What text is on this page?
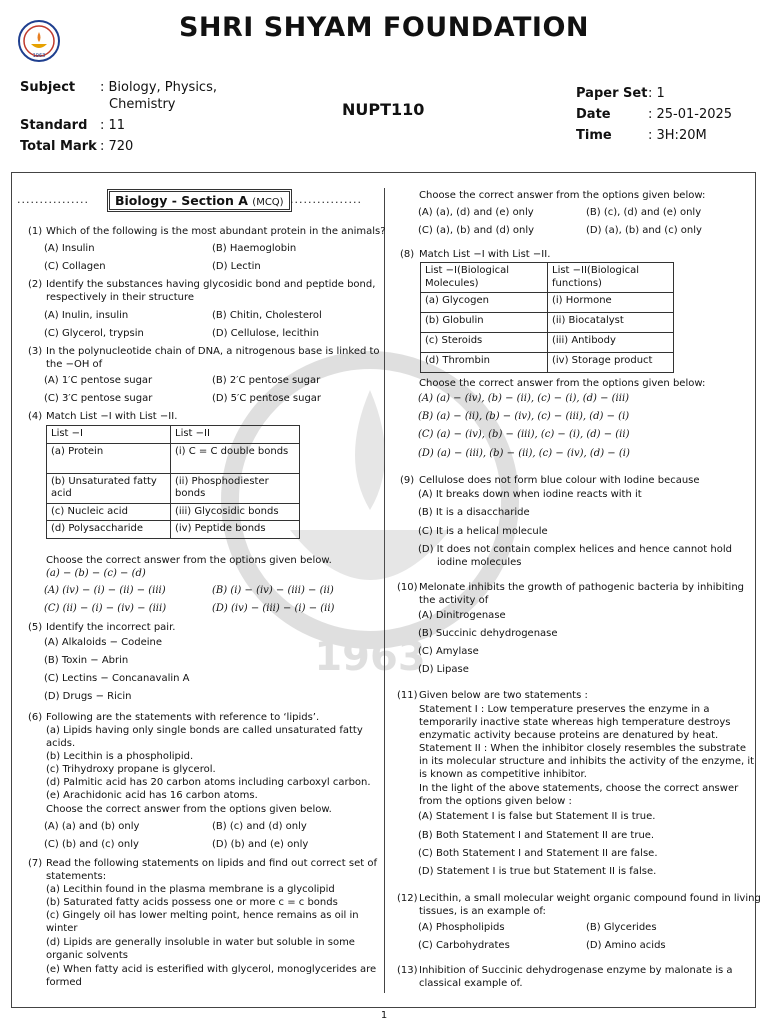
1963
SHRI SHYAM FOUNDATION
Subject : Biology, Physics,
Chemistry
Standard : 11
Total Mark : 720
NUPT110
Paper Set : 1
Date	: 25-01-2025
Time	: 3H:20M
1963
................	Biology - Section A (MCQ) ................
(1) Which of the following is the most abundant protein in the animals?
(A) Insulin	(B) Haemoglobin
(C) Collagen	(D) Lectin
(2) Identify the substances having glycosidic bond and peptide bond,
respectively in their structure
(A) Inulin, insulin	(B) Chitin, Cholesterol
(C) Glycerol, trypsin	(D) Cellulose, lecithin
(3) In the polynucleotide chain of DNA, a nitrogenous base is linked to
the −OH of
(A) 1′C pentose sugar	(B) 2′C pentose sugar
(C) 3′C pentose sugar	(D) 5′C pentose sugar
(4) Match List −I with List −II.
List −I	List −II
(a) Protein	(i) C = C double bonds
(b) Unsaturated fatty acid	(ii) Phosphodiester bonds
(c) Nucleic acid	(iii) Glycosidic bonds
(d) Polysaccharide	(iv) Peptide bonds
Choose the correct answer from the options given below.
(a) − (b) − (c) − (d)
(A) (iv) − (i) − (ii) − (iii)	(B) (i) − (iv) − (iii) − (ii)
(C) (ii) − (i) − (iv) − (iii)	(D) (iv) − (iii) − (i) − (ii)
(5) Identify the incorrect pair.
(A) Alkaloids − Codeine
(B) Toxin − Abrin
(C) Lectins − Concanavalin A
(D) Drugs − Ricin
(6) Following are the statements with reference to ‘lipids’.
(a) Lipids having only single bonds are called unsaturated fatty
acids.
(b) Lecithin is a phospholipid.
(c) Trihydroxy propane is glycerol.
(d) Palmitic acid has 20 carbon atoms including carboxyl carbon.
(e) Arachidonic acid has 16 carbon atoms.
Choose the correct answer from the options given below.
(A) (a) and (b) only	(B) (c) and (d) only
(C) (b) and (c) only	(D) (b) and (e) only
(7) Read the following statements on lipids and find out correct set of
statements:
(a) Lecithin found in the plasma membrane is a glycolipid
(b) Saturated fatty acids possess one or more c = c bonds
(c) Gingely oil has lower melting point, hence remains as oil in
winter
(d) Lipids are generally insoluble in water but soluble in some
organic solvents
(e) When fatty acid is esterified with glycerol, monoglycerides are
formed
Choose the correct answer from the options given below:
(A) (a), (d) and (e) only	(B) (c), (d) and (e) only
(C) (a), (b) and (d) only	(D) (a), (b) and (c) only
(8) Match List −I with List −II.
List −I(Biological Molecules)	List −II(Biological functions)
(a) Glycogen	(i) Hormone
(b) Globulin	(ii) Biocatalyst
(c) Steroids	(iii) Antibody
(d) Thrombin	(iv) Storage product
Choose the correct answer from the options given below:
(A) (a) − (iv), (b) − (ii), (c) − (i), (d) − (iii)
(B) (a) − (ii), (b) − (iv), (c) − (iii), (d) − (i)
(C) (a) − (iv), (b) − (iii), (c) − (i), (d) − (ii)
(D) (a) − (iii), (b) − (ii), (c) − (iv), (d) − (i)
(9) Cellulose does not form blue colour with Iodine because
(A) It breaks down when iodine reacts with it
(B) It is a disaccharide
(C) It is a helical molecule
(D) It does not contain complex helices and hence cannot hold
iodine molecules
(10) Melonate inhibits the growth of pathogenic bacteria by inhibiting
the activity of
(A) Dinitrogenase
(B) Succinic dehydrogenase
(C) Amylase
(D) Lipase
(11) Given below are two statements :
Statement I : Low temperature preserves the enzyme in a
temporarily inactive state whereas high temperature destroys
enzymatic activity because proteins are denatured by heat.
Statement II : When the inhibitor closely resembles the substrate
in its molecular structure and inhibits the activity of the enzyme, it
is known as competitive inhibitor.
In the light of the above statements, choose the correct answer
from the options given below :
(A) Statement I is false but Statement II is true.
(B) Both Statement I and Statement II are true.
(C) Both Statement I and Statement II are false.
(D) Statement I is true but Statement II is false.
(12) Lecithin, a small molecular weight organic compound found in living
tissues, is an example of:
(A) Phospholipids	(B) Glycerides
(C) Carbohydrates	(D) Amino acids
(13) Inhibition of Succinic dehydrogenase enzyme by malonate is a
classical example of.
1
